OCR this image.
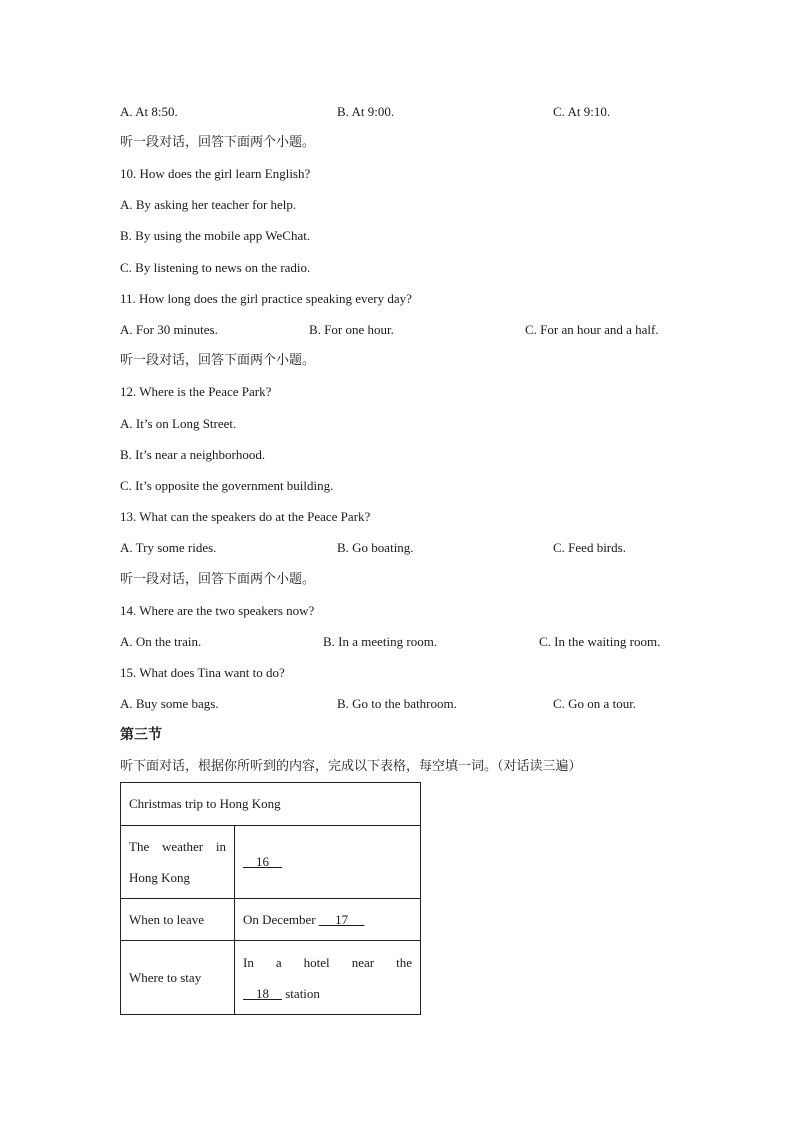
A. At 8:50.	B. At 9:00.	C. At 9:10.
听一段对话，回答下面两个小题。
10. How does the girl learn English?
A. By asking her teacher for help.
B. By using the mobile app WeChat.
C. By listening to news on the radio.
11. How long does the girl practice speaking every day?
A. For 30 minutes.	B. For one hour.	C. For an hour and a half.
听一段对话，回答下面两个小题。
12. Where is the Peace Park?
A. It’s on Long Street.
B. It’s near a neighborhood.
C. It’s opposite the government building.
13. What can the speakers do at the Peace Park?
A. Try some rides.	B. Go boating.	C. Feed birds.
听一段对话，回答下面两个小题。
14. Where are the two speakers now?
A. On the train.	B. In a meeting room.	C. In the waiting room.
15. What does Tina want to do?
A. Buy some bags.	B. Go to the bathroom.	C. Go on a tour.
第三节
听下面对话，根据你所听到的内容，完成以下表格，每空填一词。（对话读三遍）
Christmas trip to Hong Kong	

The weather in
Hong Kong	16
When to leave	On December      17
Where to stay	In a hotel near the
18     station
